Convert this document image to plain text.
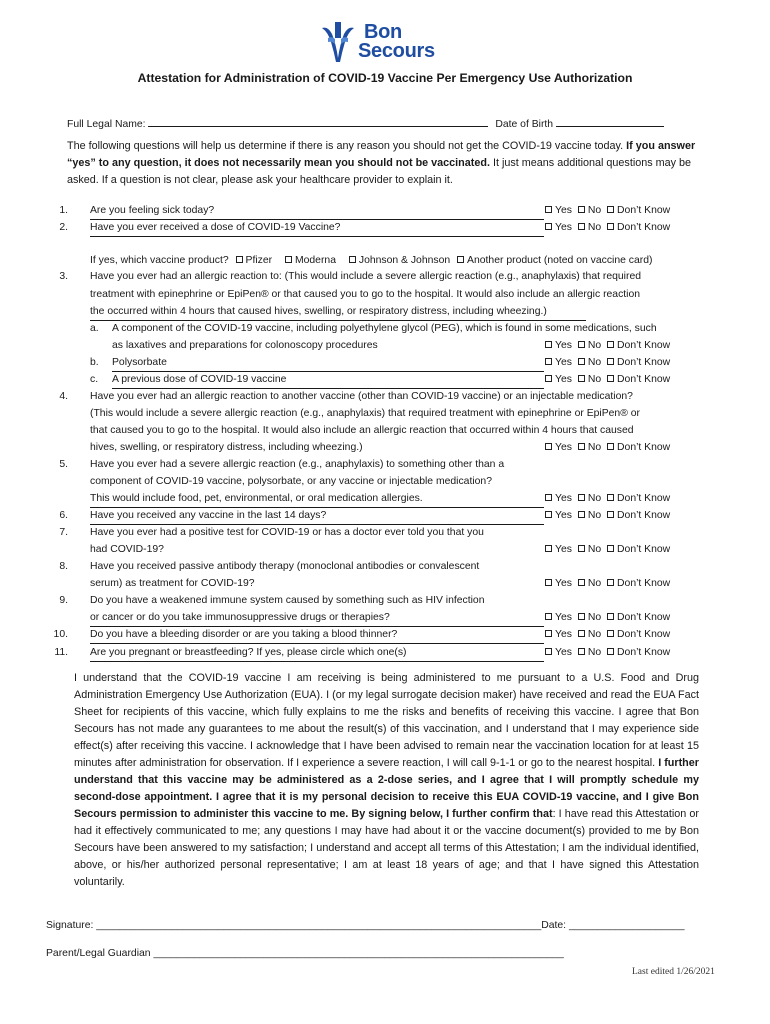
Bon
Secours
Attestation for Administration of COVID-19 Vaccine Per Emergency Use Authorization
Full Legal Name:	Date of Birth
The following questions will help us determine if there is any reason you should not get the COVID-19 vaccine today. If you answer “yes” to any question, it does not necessarily mean you should not be vaccinated. It just means additional questions may be asked. If a question is not clear, please ask your healthcare provider to explain it.
1. Are you feeling sick today?	Yes No Don’t Know
2. Have you ever received a dose of COVID-19 Vaccine?	Yes No Don’t Know
If yes, which vaccine product? Pfizer Moderna Johnson & Johnson Another product (noted on vaccine card)
3. Have you ever had an allergic reaction to: (This would include a severe allergic reaction (e.g., anaphylaxis) that required
treatment with epinephrine or EpiPen® or that caused you to go to the hospital. It would also include an allergic reaction
the occurred within 4 hours that caused hives, swelling, or respiratory distress, including wheezing.)
a. A component of the COVID-19 vaccine, including polyethylene glycol (PEG), which is found in some medications, such
as laxatives and preparations for colonoscopy procedures	Yes No Don’t Know
b. Polysorbate	Yes No Don’t Know
c. A previous dose of COVID-19 vaccine	Yes No Don’t Know
4. Have you ever had an allergic reaction to another vaccine (other than COVID-19 vaccine) or an injectable medication?
(This would include a severe allergic reaction (e.g., anaphylaxis) that required treatment with epinephrine or EpiPen® or
that caused you to go to the hospital. It would also include an allergic reaction that occurred within 4 hours that caused
hives, swelling, or respiratory distress, including wheezing.)	Yes No Don’t Know
5. Have you ever had a severe allergic reaction (e.g., anaphylaxis) to something other than a
component of COVID-19 vaccine, polysorbate, or any vaccine or injectable medication?
This would include food, pet, environmental, or oral medication allergies.	Yes No Don’t Know
6. Have you received any vaccine in the last 14 days?	Yes No Don’t Know
7. Have you ever had a positive test for COVID-19 or has a doctor ever told you that you
had COVID-19?	Yes No Don’t Know
8. Have you received passive antibody therapy (monoclonal antibodies or convalescent
serum) as treatment for COVID-19?	Yes No Don’t Know
9. Do you have a weakened immune system caused by something such as HIV infection
or cancer or do you take immunosuppressive drugs or therapies?	Yes No Don’t Know
10. Do you have a bleeding disorder or are you taking a blood thinner?	Yes No Don’t Know
11. Are you pregnant or breastfeeding? If yes, please circle which one(s)	Yes No Don’t Know
I understand that the COVID-19 vaccine I am receiving is being administered to me pursuant to a U.S. Food and Drug Administration Emergency Use Authorization (EUA). I (or my legal surrogate decision maker) have received and read the EUA Fact Sheet for recipients of this vaccine, which fully explains to me the risks and benefits of receiving this vaccine. I agree that Bon Secours has not made any guarantees to me about the result(s) of this vaccination, and I understand that I may experience side effect(s) after receiving this vaccine. I acknowledge that I have been advised to remain near the vaccination location for at least 15 minutes after administration for observation. If I experience a severe reaction, I will call 9-1-1 or go to the nearest hospital. I further understand that this vaccine may be administered as a 2-dose series, and I agree that I will promptly schedule my second-dose appointment. I agree that it is my personal decision to receive this EUA COVID-19 vaccine, and I give Bon Secours permission to administer this vaccine to me. By signing below, I further confirm that: I have read this Attestation or had it effectively communicated to me; any questions I may have had about it or the vaccine document(s) provided to me by Bon Secours have been answered to my satisfaction; I understand and accept all terms of this Attestation; I am the individual identified, above, or his/her authorized personal representative; I am at least 18 years of age; and that I have signed this Attestation voluntarily.
Signature: _____________________________________________________________________________Date: ____________________
Parent/Legal Guardian _______________________________________________________________________
Last edited 1/26/2021
